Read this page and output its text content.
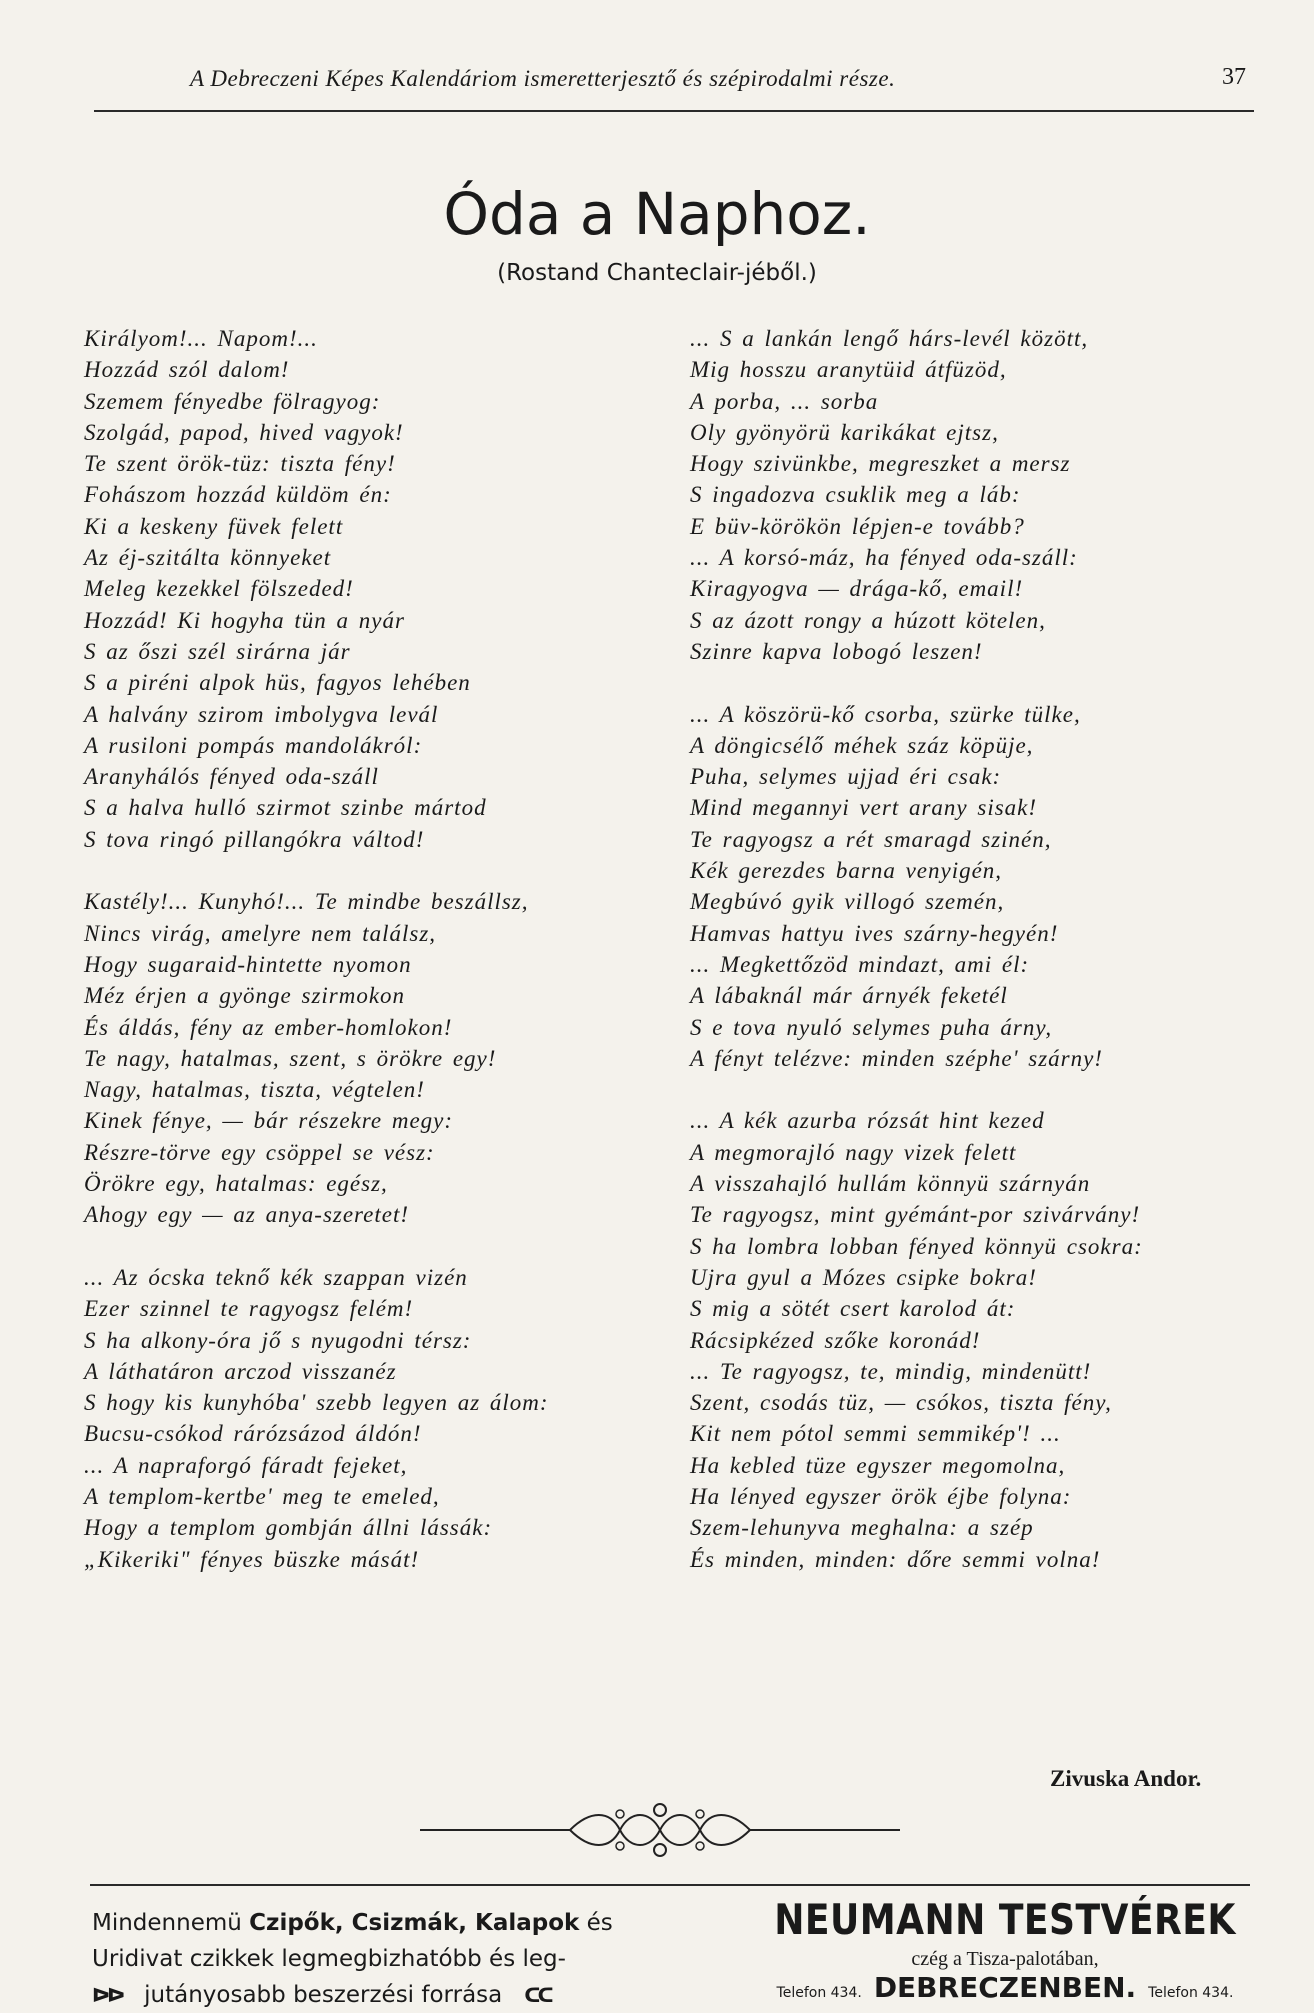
A Debreczeni Képes Kalendáriom ismeretterjesztő és szépirodalmi része.	37
Óda a Naphoz.
(Rostand Chanteclair-jéből.)
Királyom!... Napom!...
Hozzád szól dalom!
Szemem fényedbe fölragyog:
Szolgád, papod, hived vagyok!
Te szent örök-tüz: tiszta fény!
Fohászom hozzád küldöm én:
Ki a keskeny füvek felett
Az éj-szitálta könnyeket
Meleg kezekkel fölszeded!
Hozzád! Ki hogyha tün a nyár
S az őszi szél sirárna jár
S a piréni alpok hüs, fagyos lehében
A halvány szirom imbolygva levál
A rusiloni pompás mandolákról:
Aranyhálós fényed oda-száll
S a halva hulló szirmot szinbe mártod
S tova ringó pillangókra váltod!
Kastély!... Kunyhó!... Te mindbe beszállsz,
Nincs virág, amelyre nem találsz,
Hogy sugaraid-hintette nyomon
Méz érjen a gyönge szirmokon
És áldás, fény az ember-homlokon!
Te nagy, hatalmas, szent, s örökre egy!
Nagy, hatalmas, tiszta, végtelen!
Kinek fénye, — bár részekre megy:
Részre-törve egy csöppel se vész:
Örökre egy, hatalmas: egész,
Ahogy egy — az anya-szeretet!
... Az ócska teknő kék szappan vizén
Ezer szinnel te ragyogsz felém!
S ha alkony-óra jő s nyugodni térsz:
A láthatáron arczod visszanéz
S hogy kis kunyhóba' szebb legyen az álom:
Bucsu-csókod rárózsázod áldón!
... A napraforgó fáradt fejeket,
A templom-kertbe' meg te emeled,
Hogy a templom gombján állni lássák:
„Kikeriki" fényes büszke mását!
... S a lankán lengő hárs-levél között,
Mig hosszu aranytüid átfüzöd,
A porba, ... sorba
Oly gyönyörü karikákat ejtsz,
Hogy szivünkbe, megreszket a mersz
S ingadozva csuklik meg a láb:
E büv-körökön lépjen-e tovább?
... A korsó-máz, ha fényed oda-száll:
Kiragyogva — drága-kő, email!
S az ázott rongy a húzott kötelen,
Szinre kapva lobogó leszen!
... A köszörü-kő csorba, szürke tülke,
A döngicsélő méhek száz köpüje,
Puha, selymes ujjad éri csak:
Mind megannyi vert arany sisak!
Te ragyogsz a rét smaragd szinén,
Kék gerezdes barna venyigén,
Megbúvó gyik villogó szemén,
Hamvas hattyu ives szárny-hegyén!
... Megkettőzöd mindazt, ami él:
A lábaknál már árnyék feketél
S e tova nyuló selymes puha árny,
A fényt telézve: minden széphe' szárny!
... A kék azurba rózsát hint kezed
A megmorajló nagy vizek felett
A visszahajló hullám könnyü szárnyán
Te ragyogsz, mint gyémánt-por szivárvány!
S ha lombra lobban fényed könnyü csokra:
Ujra gyul a Mózes csipke bokra!
S mig a sötét csert karolod át:
Rácsipkézed szőke koronád!
... Te ragyogsz, te, mindig, mindenütt!
Szent, csodás tüz, — csókos, tiszta fény,
Kit nem pótol semmi semmikép'! ...
Ha kebled tüze egyszer megomolna,
Ha lényed egyszer örök éjbe folyna:
Szem-lehunyva meghalna: a szép
És minden, minden: dőre semmi volna!
Zivuska Andor.
Mindennemü Czipők, Csizmák, Kalapok és
Uridivat czikkek legmegbizhatóbb és leg-
ᐅᐅ jutányosabb beszerzési forrása ᑕᑕ
NEUMANN TESTVÉREK
czég a Tisza-palotában,
Telefon 434. DEBRECZENBEN. Telefon 434.
